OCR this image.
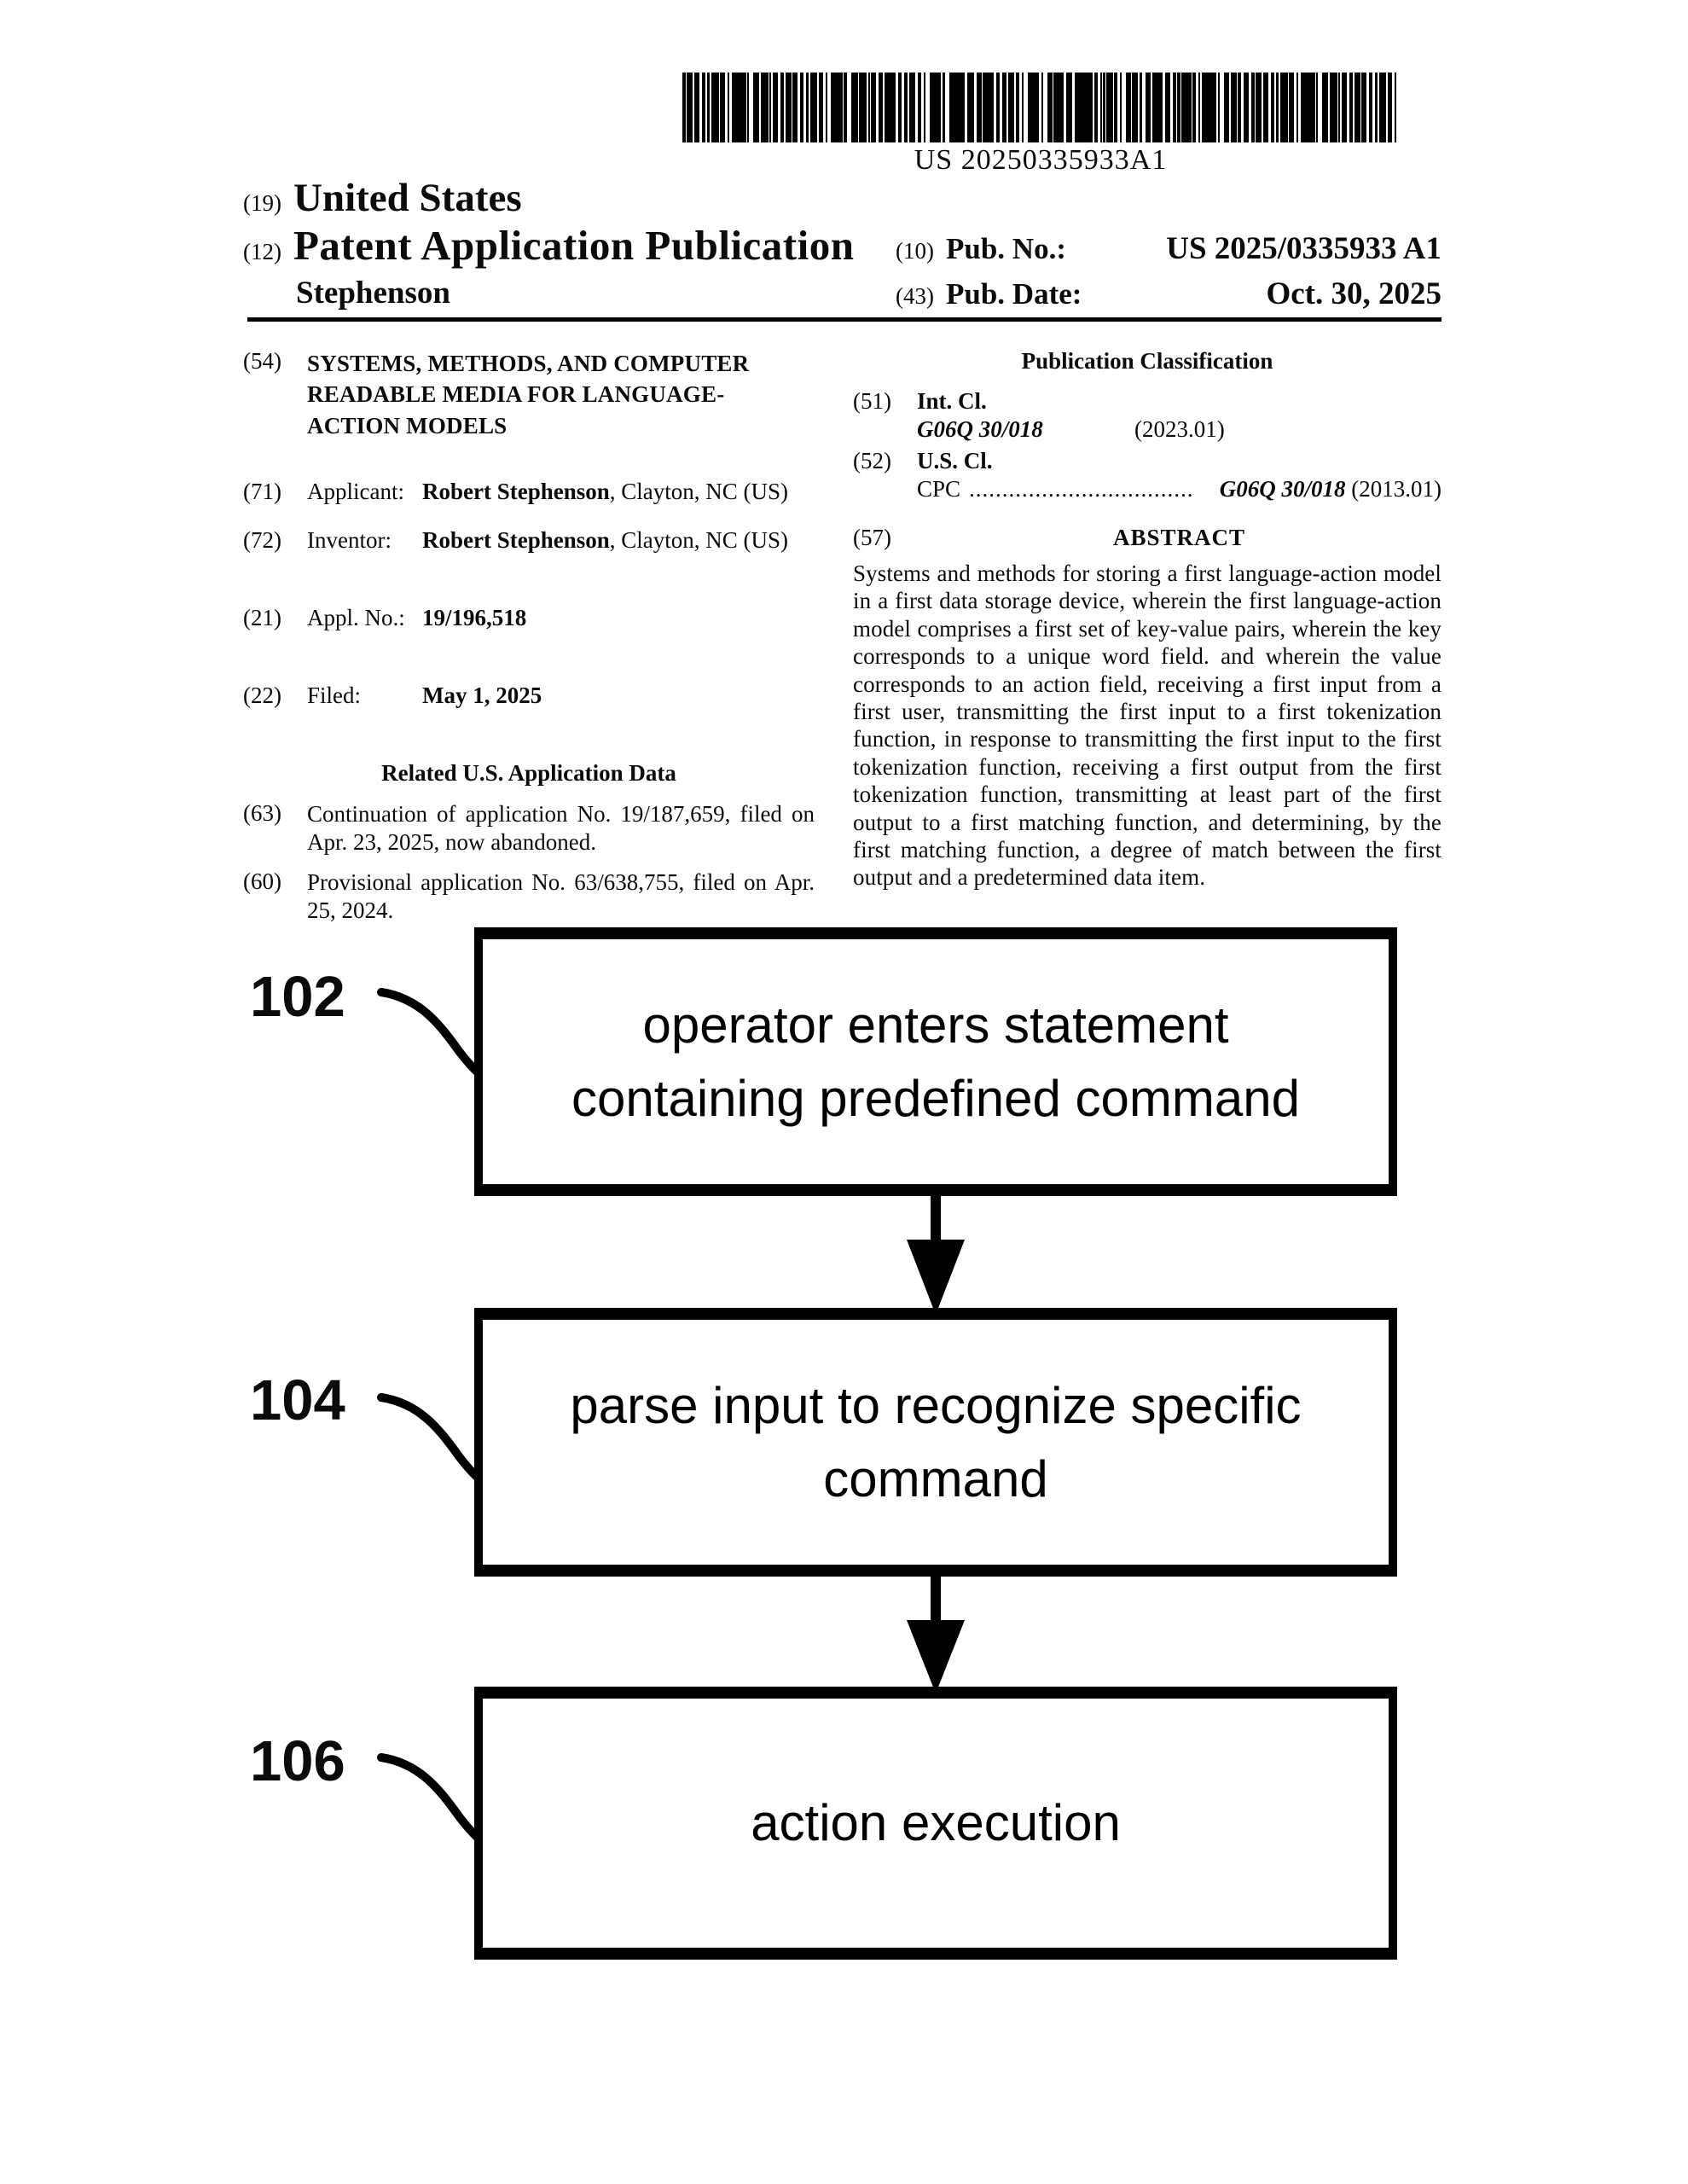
US 20250335933A1
(19) United States
(12) Patent Application Publication
Stephenson
(10) Pub. No.:	US 2025/0335933 A1
(43) Pub. Date:	Oct. 30, 2025
(54)	SYSTEMS, METHODS, AND COMPUTER READABLE MEDIA FOR LANGUAGE-ACTION MODELS
(71)	Applicant: Robert Stephenson, Clayton, NC (US)
(72)	Inventor:	Robert Stephenson, Clayton, NC (US)
(21)	Appl. No.: 19/196,518
(22)	Filed:	May 1, 2025
Related U.S. Application Data
(63)	Continuation of application No. 19/187,659, filed on Apr. 23, 2025, now abandoned.
(60)	Provisional application No. 63/638,755, filed on Apr. 25, 2024.
Publication Classification
(51)	Int. Cl.
G06Q 30/018	(2023.01)
(52)	U.S. Cl.
CPC ..................................	G06Q 30/018 (2013.01)
(57)	ABSTRACT
Systems and methods for storing a first language-action model in a first data storage device, wherein the first language-action model comprises a first set of key-value pairs, wherein the key corresponds to a unique word field. and wherein the value corresponds to an action field, receiving a first input from a first user, transmitting the first input to a first tokenization function, in response to transmitting the first input to the first tokenization function, receiving a first output from the first tokenization function, transmitting at least part of the first output to a first matching function, and determining, by the first matching function, a degree of match between the first output and a predetermined data item.
102	operator enters statement containing predefined command
104	parse input to recognize specific command
106
action execution
